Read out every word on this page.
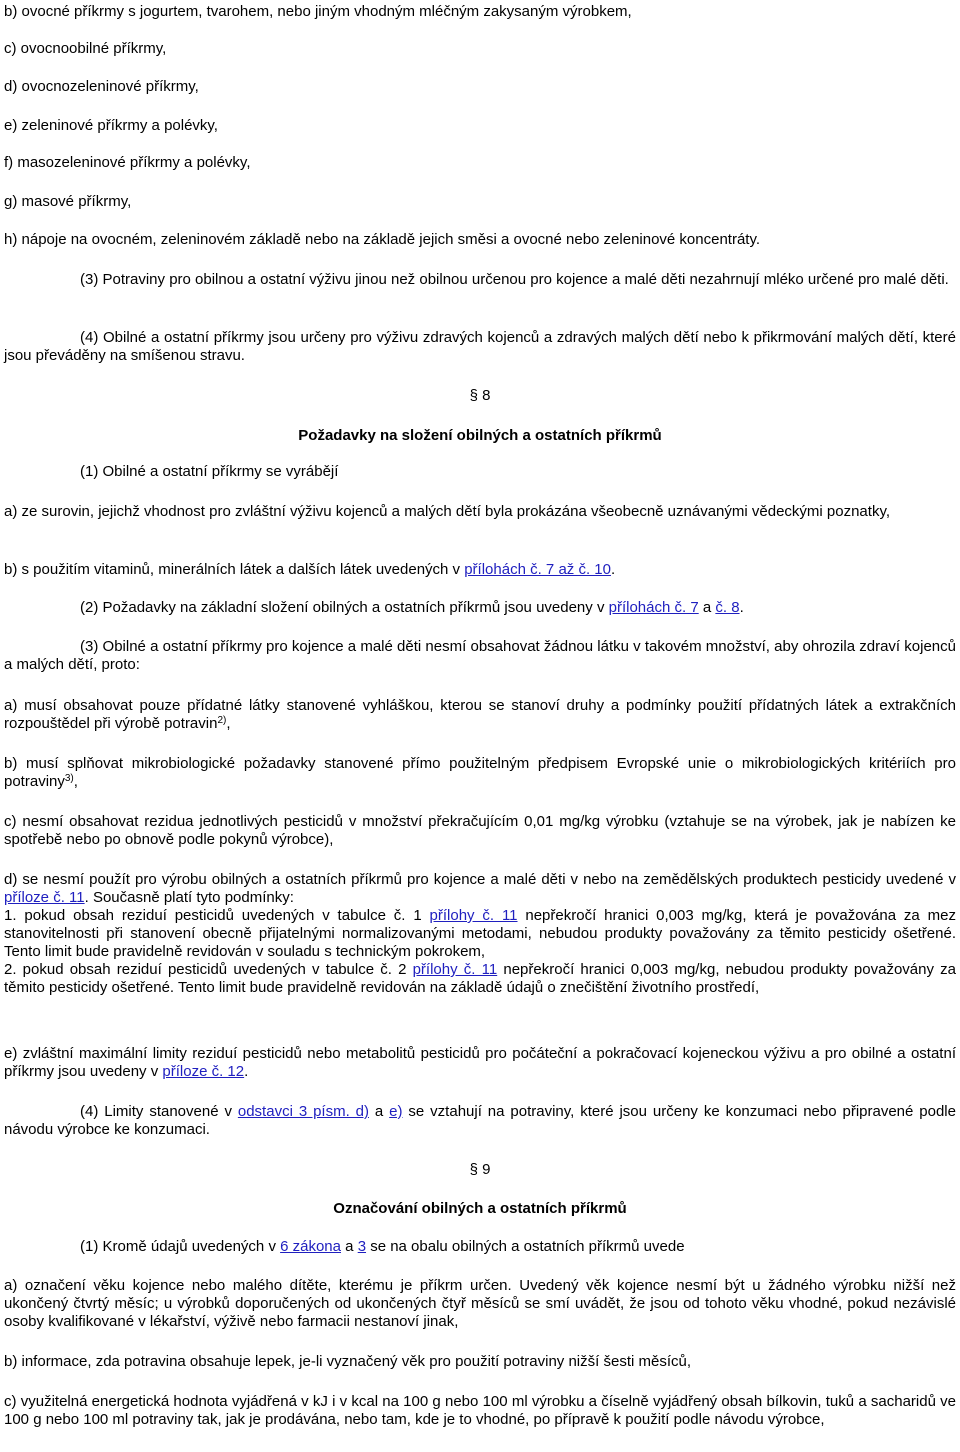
b) ovocné příkrmy s jogurtem, tvarohem, nebo jiným vhodným mléčným zakysaným výrobkem,

c) ovocnoobilné příkrmy,

d) ovocnozeleninové příkrmy,

e) zeleninové příkrmy a polévky,

f) masozeleninové příkrmy a polévky,

g) masové příkrmy,

h) nápoje na ovocném, zeleninovém základě nebo na základě jejich směsi a ovocné nebo zeleninové koncentráty.

(3) Potraviny pro obilnou a ostatní výživu jinou než obilnou určenou pro kojence a malé děti nezahrnují mléko určené pro malé děti.

(4) Obilné a ostatní příkrmy jsou určeny pro výživu zdravých kojenců a zdravých malých dětí nebo k přikrmování malých dětí, které jsou převáděny na smíšenou stravu.

§ 8

Požadavky na složení obilných a ostatních příkrmů

(1) Obilné a ostatní příkrmy se vyrábějí

a) ze surovin, jejichž vhodnost pro zvláštní výživu kojenců a malých dětí byla prokázána všeobecně uznávanými vědeckými poznatky,

b) s použitím vitaminů, minerálních látek a dalších látek uvedených v přílohách č. 7 až č. 10.

(2) Požadavky na základní složení obilných a ostatních příkrmů jsou uvedeny v přílohách č. 7 a č. 8.

(3) Obilné a ostatní příkrmy pro kojence a malé děti nesmí obsahovat žádnou látku v takovém množství, aby ohrozila zdraví kojenců a malých dětí, proto:

a) musí obsahovat pouze přídatné látky stanovené vyhláškou, kterou se stanoví druhy a podmínky použití přídatných látek a extrakčních rozpouštědel při výrobě potravin$^{2)}$,

b) musí splňovat mikrobiologické požadavky stanovené přímo použitelným předpisem Evropské unie o mikrobiologických kritériích pro potraviny$^{3)}$,

c) nesmí obsahovat rezidua jednotlivých pesticidů v množství překračujícím 0,01 mg/kg výrobku (vztahuje se na výrobek, jak je nabízen ke spotřebě nebo po obnově podle pokynů výrobce),

d) se nesmí použít pro výrobu obilných a ostatních příkrmů pro kojence a malé děti v nebo na zemědělských produktech pesticidy uvedené v příloze č. 11. Současně platí tyto podmínky:

1. pokud obsah reziduí pesticidů uvedených v tabulce č. 1 přílohy č. 11 nepřekročí hranici 0,003 mg/kg, která je považována za mez stanovitelnosti při stanovení obecně přijatelnými normalizovanými metodami, nebudou produkty považovány za těmito pesticidy ošetřené. Tento limit bude pravidelně revidován v souladu s technickým pokrokem,

2. pokud obsah reziduí pesticidů uvedených v tabulce č. 2 přílohy č. 11 nepřekročí hranici 0,003 mg/kg, nebudou produkty považovány za těmito pesticidy ošetřené. Tento limit bude pravidelně revidován na základě údajů o znečištění životního prostředí,

e) zvláštní maximální limity reziduí pesticidů nebo metabolitů pesticidů pro počáteční a pokračovací kojeneckou výživu a pro obilné a ostatní příkrmy jsou uvedeny v příloze č. 12.

(4) Limity stanovené v odstavci 3 písm. d) a e) se vztahují na potraviny, které jsou určeny ke konzumaci nebo připravené podle návodu výrobce ke konzumaci.

§ 9

Označování obilných a ostatních příkrmů

(1) Kromě údajů uvedených v 6 zákona a 3 se na obalu obilných a ostatních příkrmů uvede

a) označení věku kojence nebo malého dítěte, kterému je příkrm určen. Uvedený věk kojence nesmí být u žádného výrobku nižší než ukončený čtvrtý měsíc; u výrobků doporučených od ukončených čtyř měsíců se smí uvádět, že jsou od tohoto věku vhodné, pokud nezávislé osoby kvalifikované v lékařství, výživě nebo farmacii nestanoví jinak,

b) informace, zda potravina obsahuje lepek, je-li vyznačený věk pro použití potraviny nižší šesti měsíců,

c) využitelná energetická hodnota vyjádřená v kJ i v kcal na 100 g nebo 100 ml výrobku a číselně vyjádřený obsah bílkovin, tuků a sacharidů ve 100 g nebo 100 ml potraviny tak, jak je prodávána, nebo tam, kde je to vhodné, po přípravě k použití podle návodu výrobce,
